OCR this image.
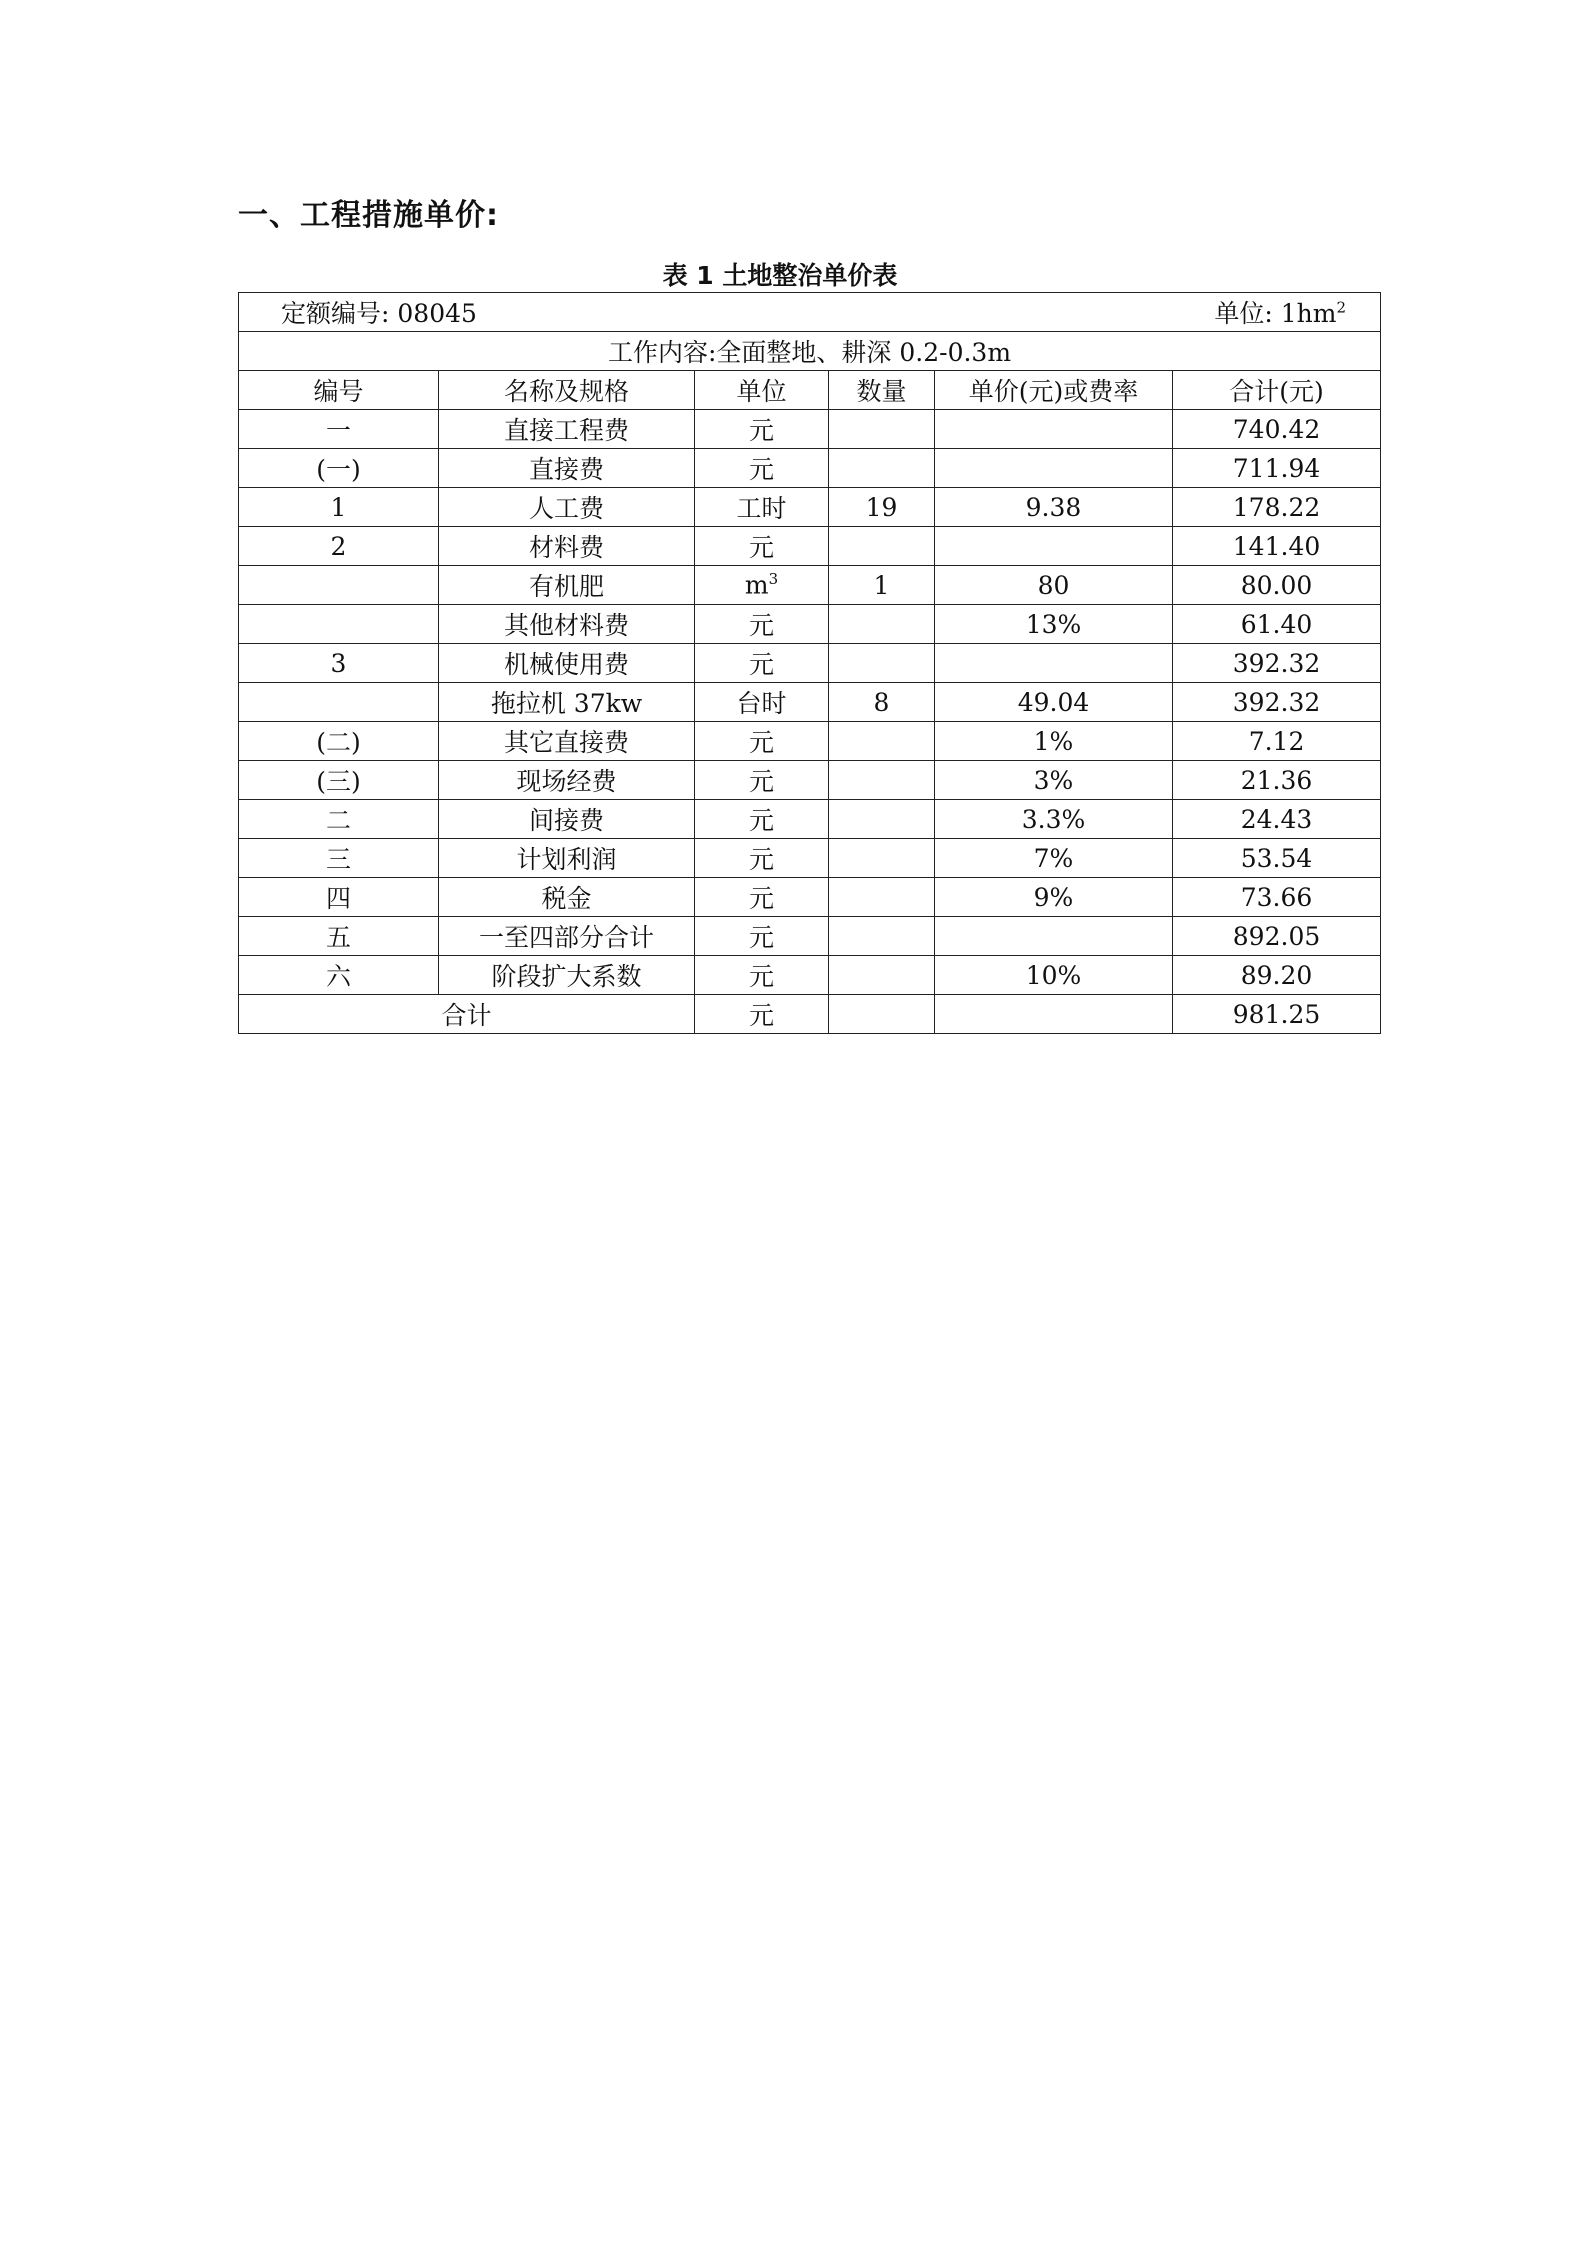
一、工程措施单价:
表 1 土地整治单价表
定额编号: 08045 单位: $1hm^2$

工作内容:全面整地、耕深 0.2-0.3m					
编号	名称及规格	单位	数量	单价(元)或费率	合计(元)
一	直接工程费	元			740.42
(一)	直接费	元			711.94
1	人工费	工时	19	9.38	178.22
2	材料费	元			141.40
	有机肥	$m^3$	1	80	80.00
	其他材料费	元		13%	61.40
3	机械使用费	元			392.32
	拖拉机 37kw	台时	8	49.04	392.32
(二)	其它直接费	元		1%	7.12
(三)	现场经费	元		3%	21.36
二	间接费	元		3.3%	24.43
三	计划利润	元		7%	53.54
四	税金	元		9%	73.66
五	一至四部分合计	元			892.05
六	阶段扩大系数	元		10%	89.20
合计		元			981.25
